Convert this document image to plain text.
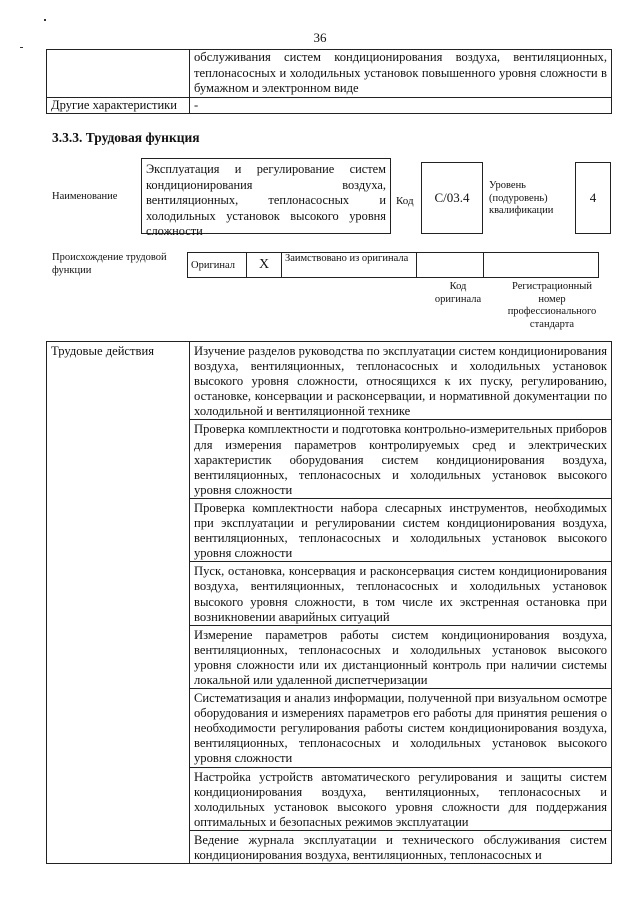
36
	обслуживания систем кондиционирования воздуха, вентиляционных, теплонасосных и холодильных установок повышенного уровня сложности в бумажном и электронном виде
Другие характеристики	-
3.3.3. Трудовая функция
Наименование
Эксплуатация и регулирование систем кондиционирования воздуха, вентиляционных, теплонасосных и холодильных установок высокого уровня сложности
Код	C/03.4
Уровень (подуровень) квалификации
4
Происхождение трудовой функции	Оригинал	X	Заимствовано из оригинала		
Код оригинала
Регистрационный номер профессионального стандарта
Трудовые действия	Изучение разделов руководства по эксплуатации систем кондиционирования воздуха, вентиляционных, теплонасосных и холодильных установок высокого уровня сложности, относящихся к их пуску, регулированию, остановке, консервации и расконсервации, и нормативной документации по холодильной и вентиляционной технике
Проверка комплектности и подготовка контрольно-измерительных приборов для измерения параметров контролируемых сред и электрических характеристик оборудования систем кондиционирования воздуха, вентиляционных, теплонасосных и холодильных установок высокого уровня сложности
Проверка комплектности набора слесарных инструментов, необходимых при эксплуатации и регулировании систем кондиционирования воздуха, вентиляционных, теплонасосных и холодильных установок высокого уровня сложности
Пуск, остановка, консервация и расконсервация систем кондиционирования воздуха, вентиляционных, теплонасосных и холодильных установок высокого уровня сложности, в том числе их экстренная остановка при возникновении аварийных ситуаций
Измерение параметров работы систем кондиционирования воздуха, вентиляционных, теплонасосных и холодильных установок высокого уровня сложности или их дистанционный контроль при наличии системы локальной или удаленной диспетчеризации
Систематизация и анализ информации, полученной при визуальном осмотре оборудования и измерениях параметров его работы для принятия решения о необходимости регулирования работы систем кондиционирования воздуха, вентиляционных, теплонасосных и холодильных установок высокого уровня сложности
Настройка устройств автоматического регулирования и защиты систем кондиционирования воздуха, вентиляционных, теплонасосных и холодильных установок высокого уровня сложности для поддержания оптимальных и безопасных режимов эксплуатации
Ведение журнала эксплуатации и технического обслуживания систем кондиционирования воздуха, вентиляционных, теплонасосных и
